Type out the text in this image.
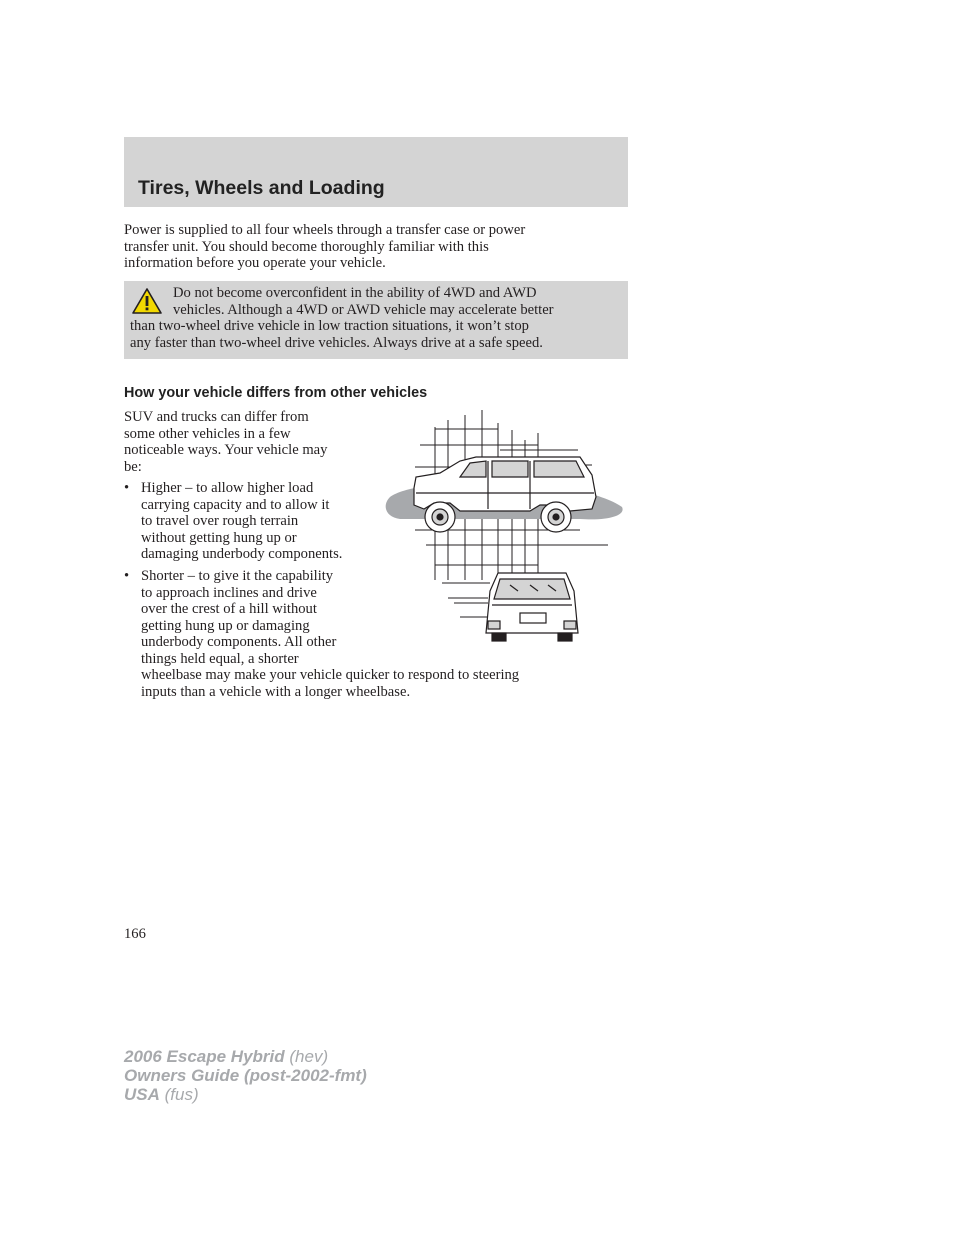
Tires, Wheels and Loading
Power is supplied to all four wheels through a transfer case or power
transfer unit. You should become thoroughly familiar with this
information before you operate your vehicle.
Do not become overconfident in the ability of 4WD and AWD
vehicles. Although a 4WD or AWD vehicle may accelerate better
than two-wheel drive vehicle in low traction situations, it won’t stop
any faster than two-wheel drive vehicles. Always drive at a safe speed.
How your vehicle differs from other vehicles
SUV and trucks can differ from
some other vehicles in a few
noticeable ways. Your vehicle may
be:
• Higher – to allow higher load
carrying capacity and to allow it
to travel over rough terrain
without getting hung up or
damaging underbody components.
• Shorter – to give it the capability
to approach inclines and drive
over the crest of a hill without
getting hung up or damaging
underbody components. All other
things held equal, a shorter
wheelbase may make your vehicle quicker to respond to steering
inputs than a vehicle with a longer wheelbase.
166
2006 Escape Hybrid (hev)
Owners Guide (post-2002-fmt)
USA (fus)
